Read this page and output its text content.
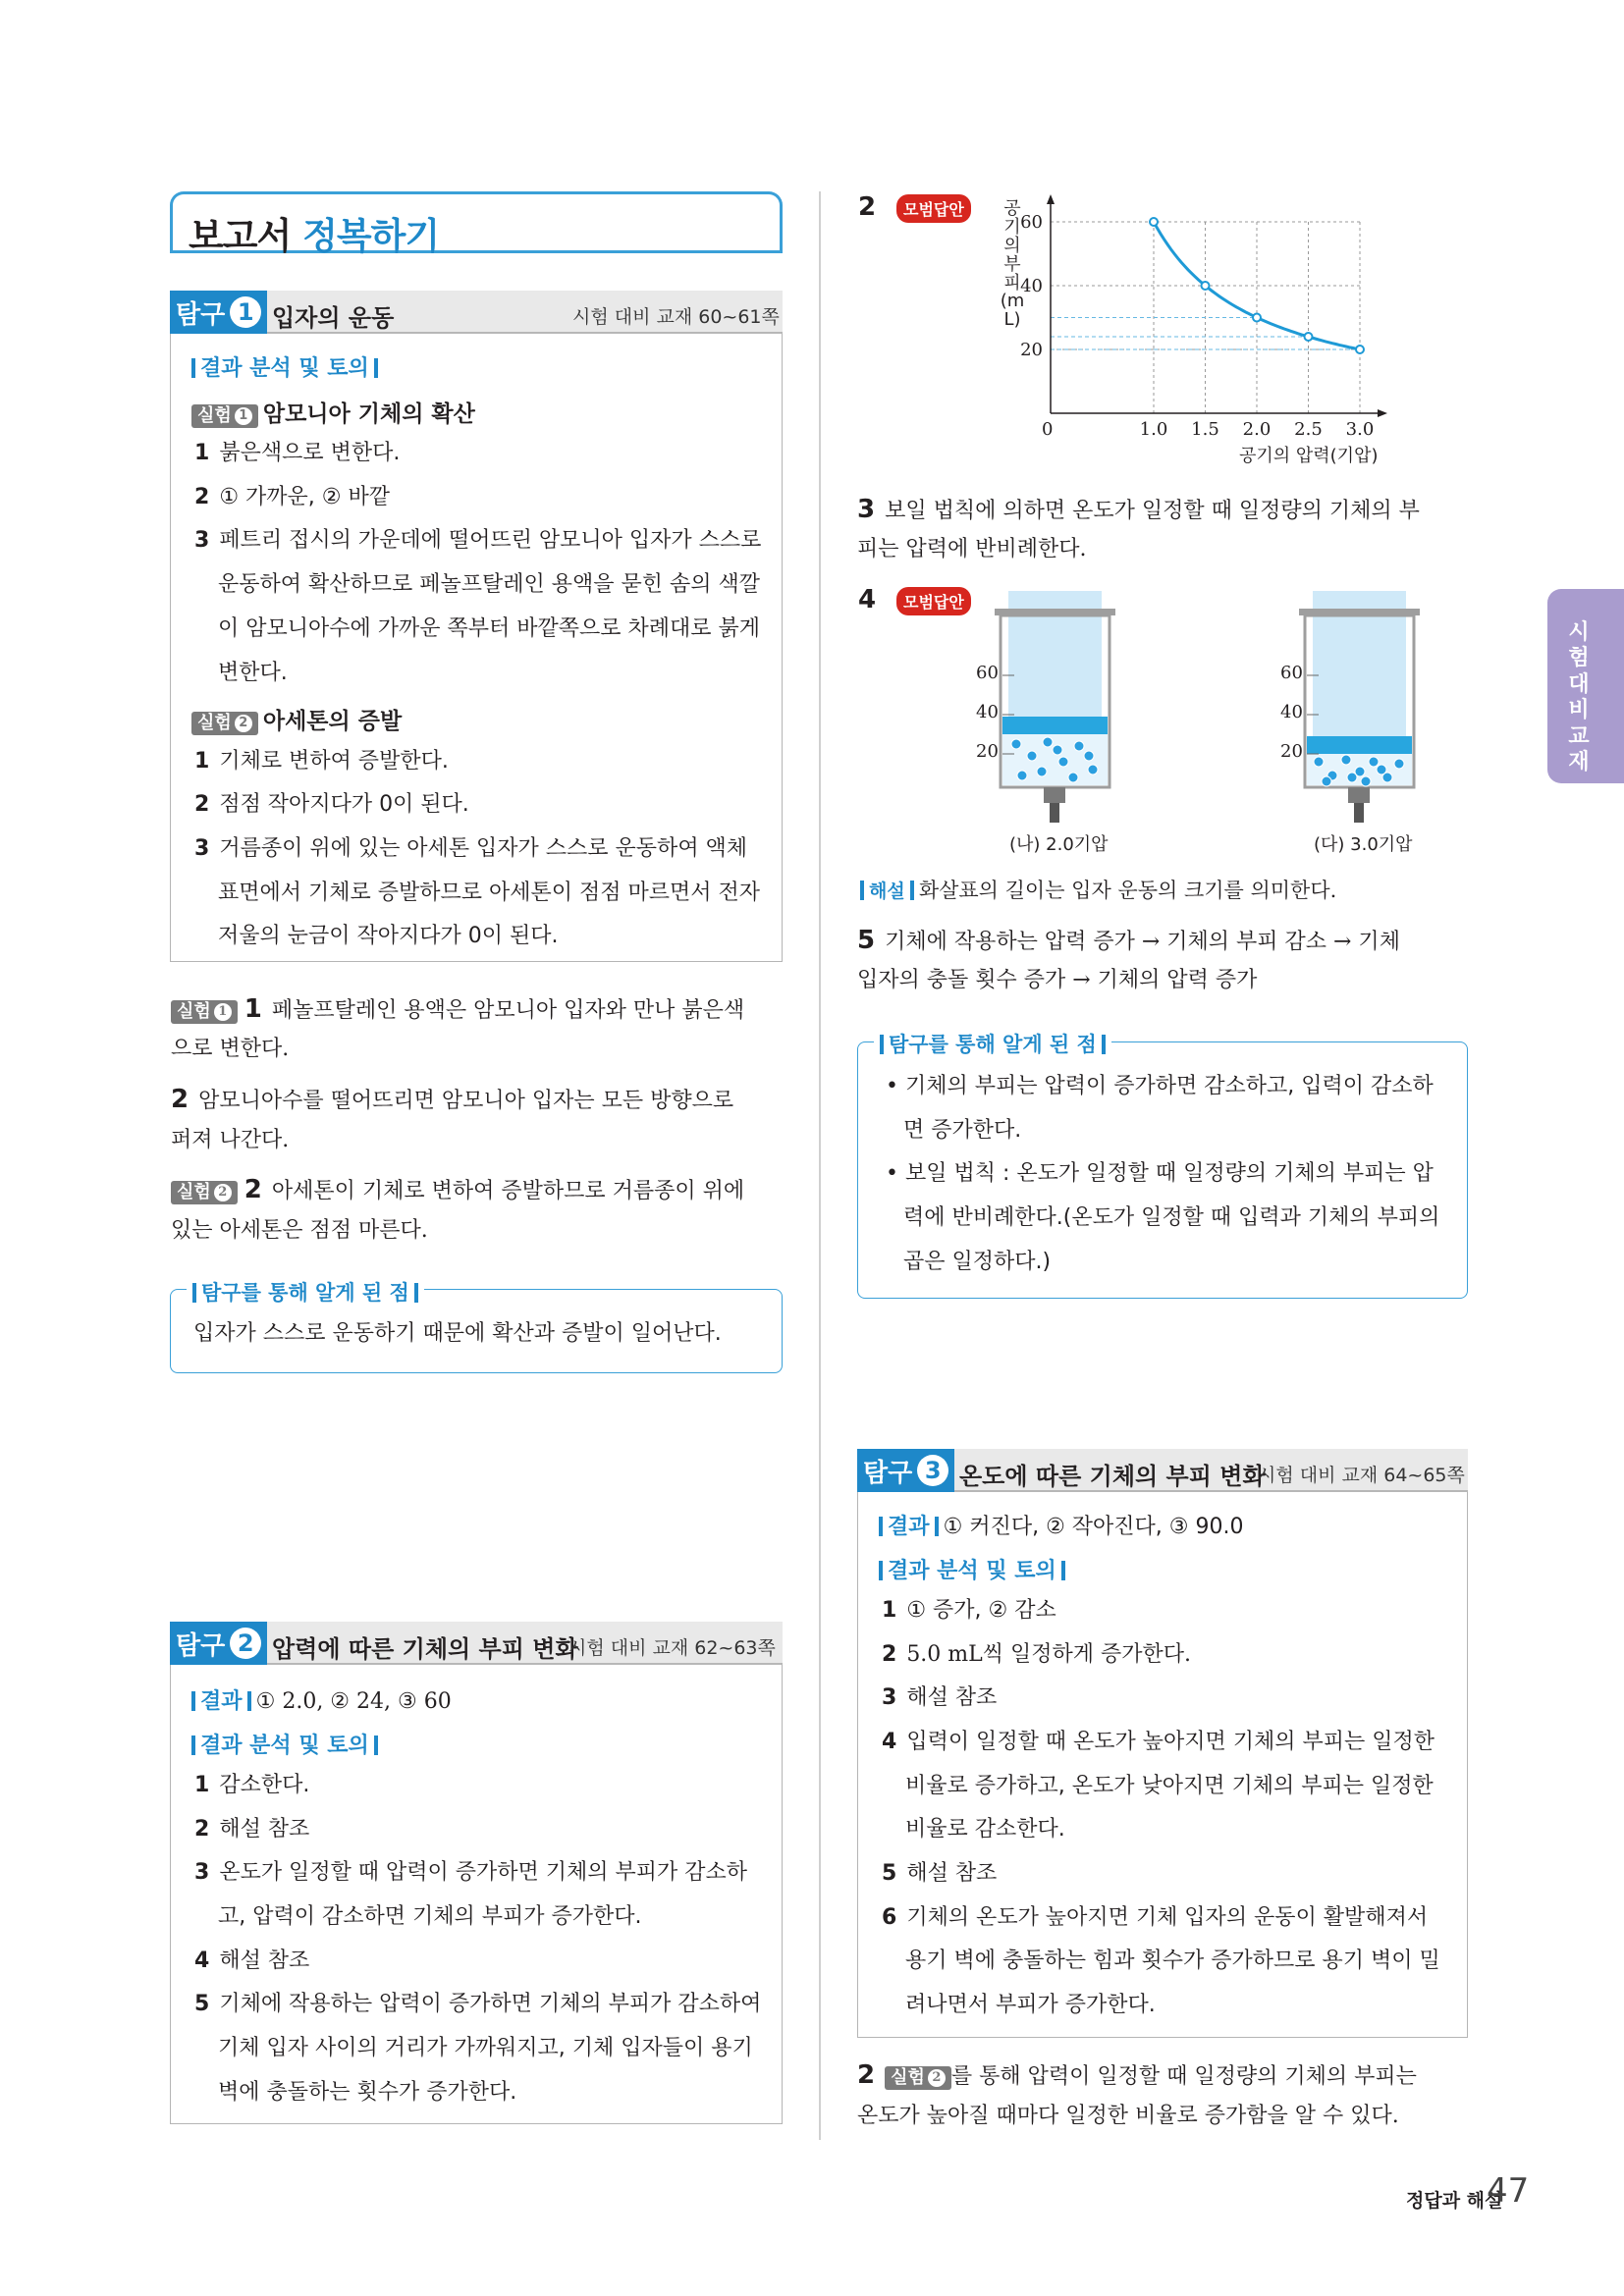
보고서 정복하기
탐구 1 입자의 운동	시험 대비 교재 60~61쪽
결과 분석 및 토의
실험 1 암모니아 기체의 확산
1 붉은색으로 변한다.
2 ① 가까운, ② 바깥
3 페트리 접시의 가운데에 떨어뜨린 암모니아 입자가 스스로
운동하여 확산하므로 페놀프탈레인 용액을 묻힌 솜의 색깔
이 암모니아수에 가까운 쪽부터 바깥쪽으로 차례대로 붉게
변한다.
실험 2 아세톤의 증발
1 기체로 변하여 증발한다.
2 점점 작아지다가 0이 된다.
3 거름종이 위에 있는 아세톤 입자가 스스로 운동하여 액체
표면에서 기체로 증발하므로 아세톤이 점점 마르면서 전자
저울의 눈금이 작아지다가 0이 된다.
실험 1 1 페놀프탈레인 용액은 암모니아 입자와 만나 붉은색
으로 변한다.
2 암모니아수를 떨어뜨리면 암모니아 입자는 모든 방향으로
퍼져 나간다.
실험 2 2 아세톤이 기체로 변하여 증발하므로 거름종이 위에
있는 아세톤은 점점 마른다.
탐구를 통해 알게 된 점
입자가 스스로 운동하기 때문에 확산과 증발이 일어난다.
탐구 2 압력에 따른 기체의 부피 변화
시험 대비 교재 62~63쪽
결과 ① 2.0, ② 24, ③ 60
결과 분석 및 토의
1 감소한다.
2 해설 참조
3 온도가 일정할 때 압력이 증가하면 기체의 부피가 감소하
고, 압력이 감소하면 기체의 부피가 증가한다.
4 해설 참조
5 기체에 작용하는 압력이 증가하면 기체의 부피가 감소하여
기체 입자 사이의 거리가 가까워지고, 기체 입자들이 용기
벽에 충돌하는 횟수가 증가한다.
2	모범답안
1.0 1.5 2.0 2.5 3.0
20
40
60
공기의 부피(mL)
공기의 압력(기압)
0
3 보일 법칙에 의하면 온도가 일정할 때 일정량의 기체의 부
피는 압력에 반비례한다.
4	모범답안
60
40
20
(나) 2.0기압
60
40
20
(다) 3.0기압
해설 화살표의 길이는 입자 운동의 크기를 의미한다.
5 기체에 작용하는 압력 증가 → 기체의 부피 감소 → 기체
입자의 충돌 횟수 증가 → 기체의 압력 증가
탐구를 통해 알게 된 점
• 기체의 부피는 압력이 증가하면 감소하고, 입력이 감소하
면 증가한다.
• 보일 법칙 : 온도가 일정할 때 일정량의 기체의 부피는 압
력에 반비례한다.(온도가 일정할 때 입력과 기체의 부피의
곱은 일정하다.)
탐구 3 온도에 따른 기체의 부피 변화
시험 대비 교재 64~65쪽
결과 ① 커진다, ② 작아진다, ③ 90.0
결과 분석 및 토의
1 ① 증가, ② 감소
2 5.0 mL씩 일정하게 증가한다.
3 해설 참조
4 입력이 일정할 때 온도가 높아지면 기체의 부피는 일정한
비율로 증가하고, 온도가 낮아지면 기체의 부피는 일정한
비율로 감소한다.
5 해설 참조
6 기체의 온도가 높아지면 기체 입자의 운동이 활발해져서
용기 벽에 충돌하는 힘과 횟수가 증가하므로 용기 벽이 밀
려나면서 부피가 증가한다.
2 실험 2 를 통해 압력이 일정할 때 일정량의 기체의 부피는
온도가 높아질 때마다 일정한 비율로 증가함을 알 수 있다.
시험 대비 교재
정답과 해설
47
